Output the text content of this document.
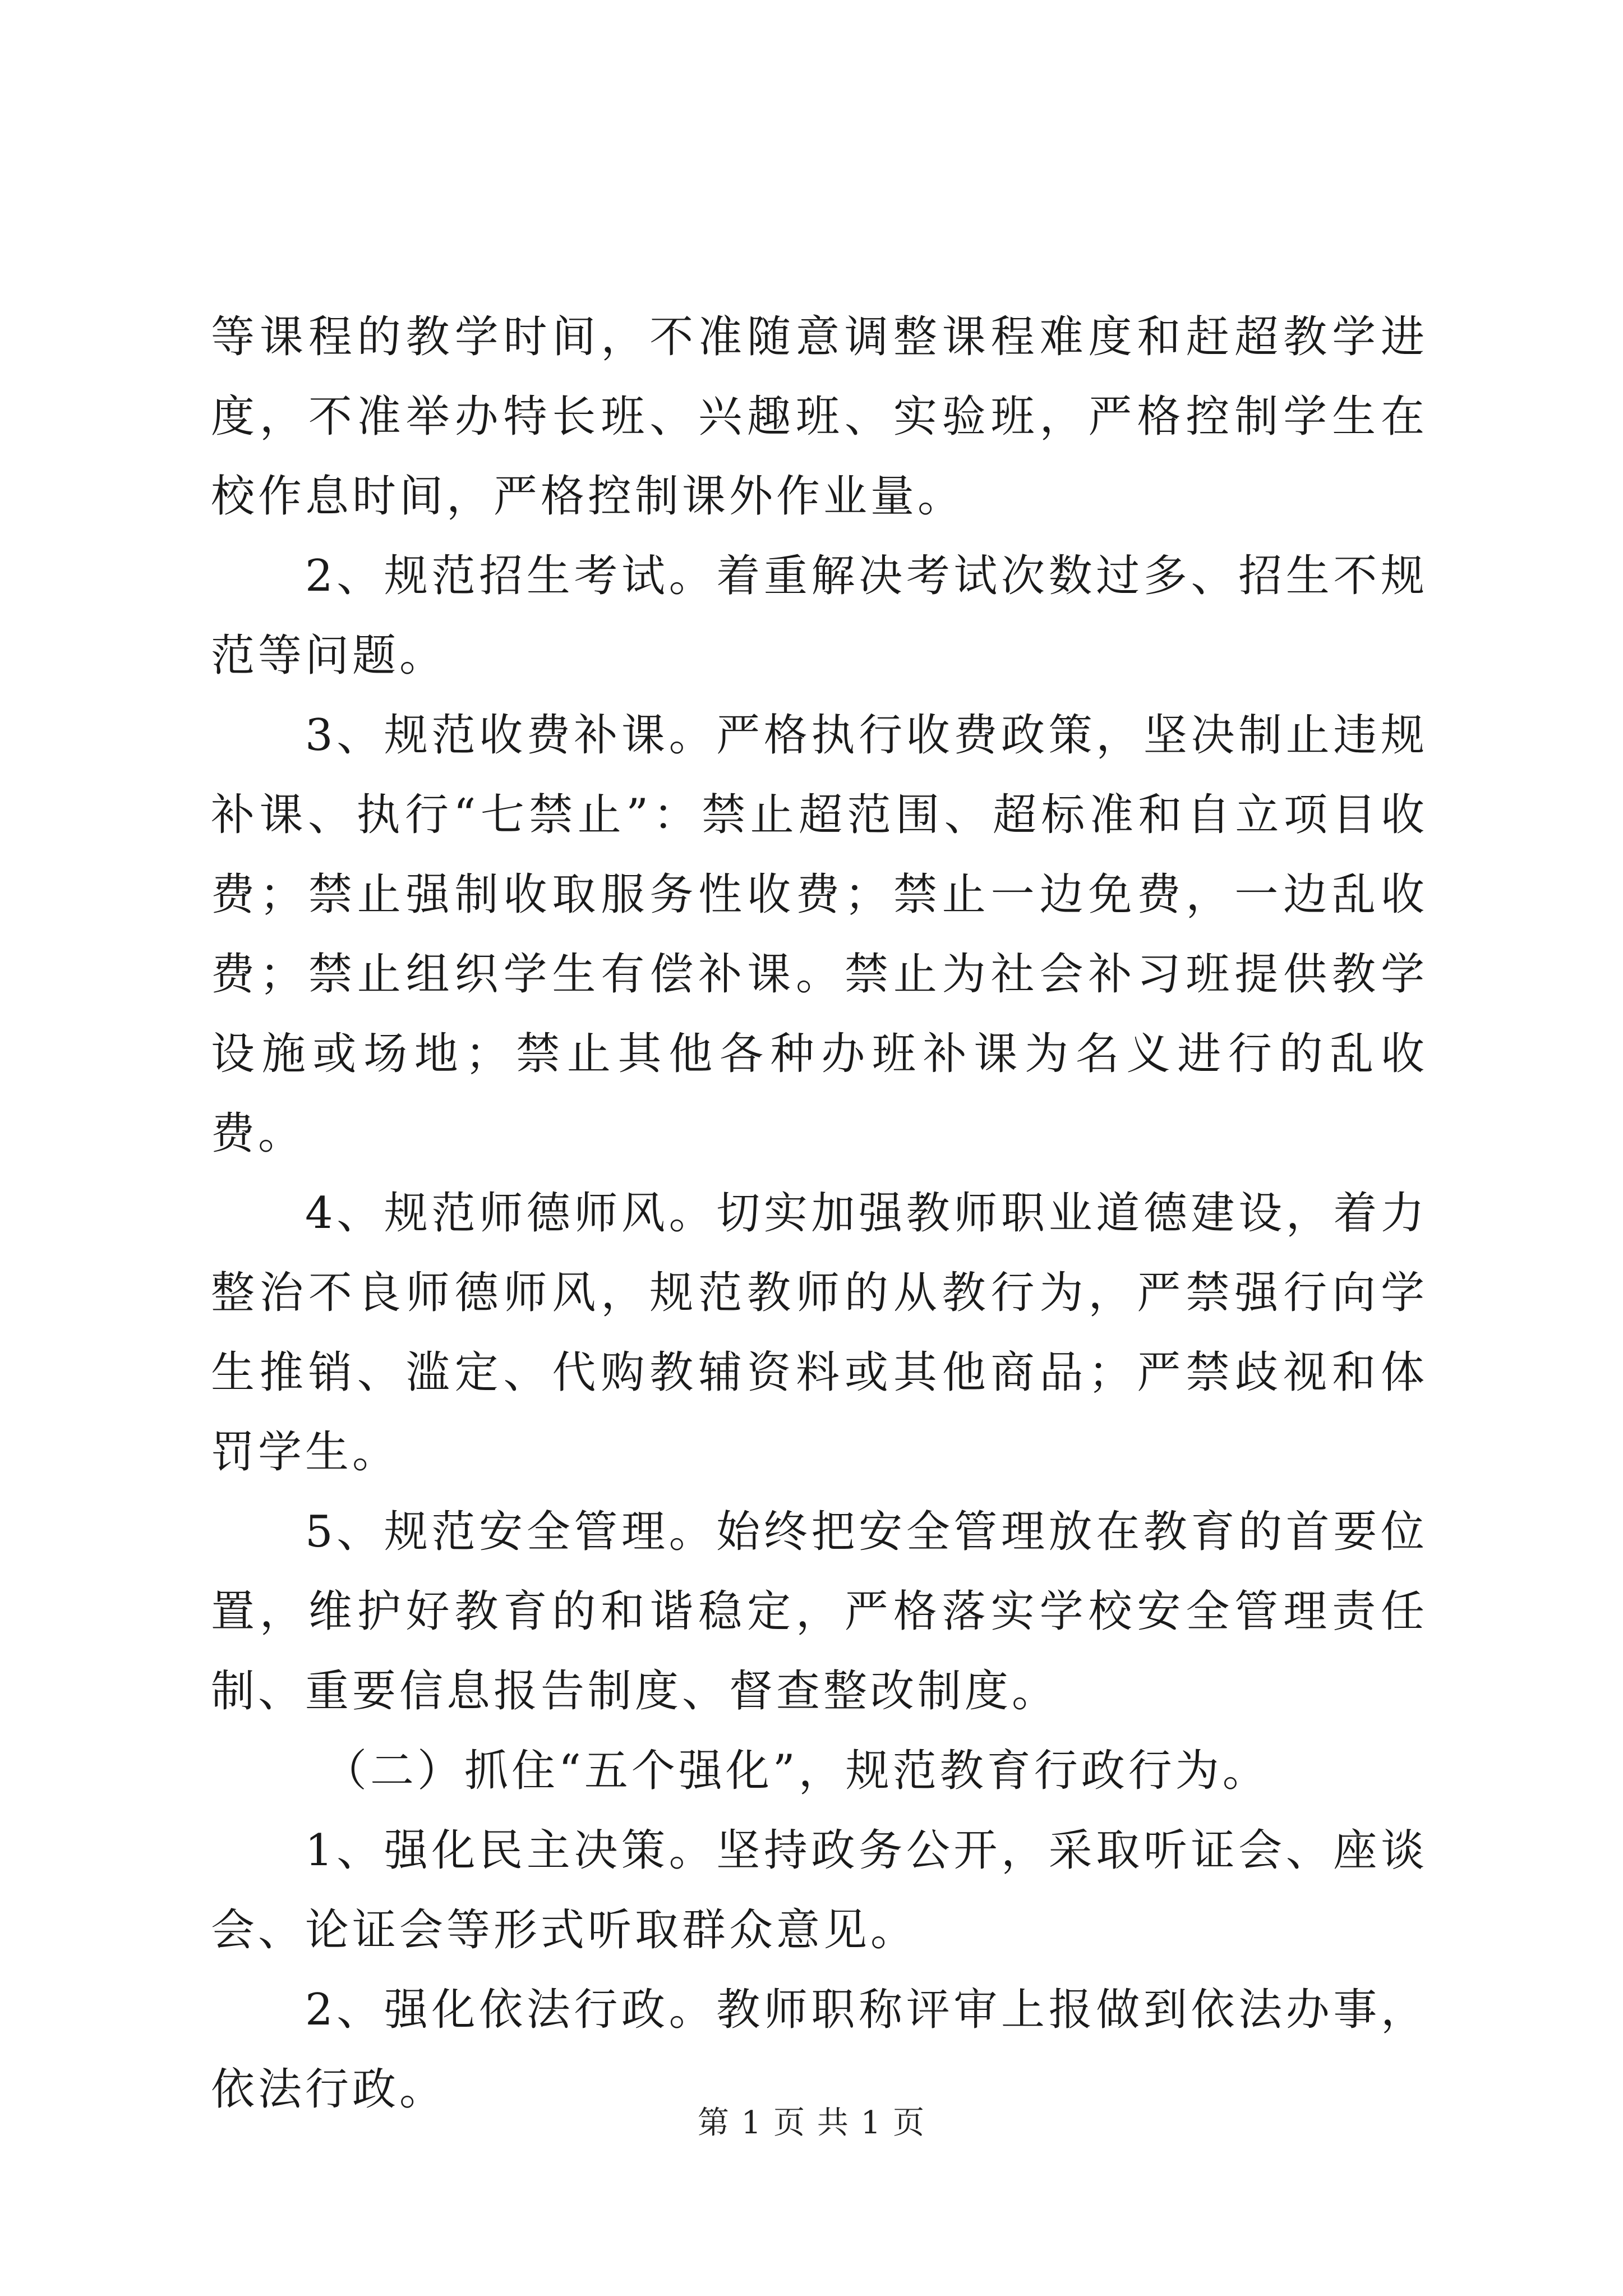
等课程的教学时间，不准随意调整课程难度和赶超教学进度，不准举办特长班、兴趣班、实验班，严格控制学生在校作息时间，严格控制课外作业量。

2、规范招生考试。着重解决考试次数过多、招生不规范等问题。

3、规范收费补课。严格执行收费政策，坚决制止违规补课、执行“七禁止”：禁止超范围、超标准和自立项目收费；禁止强制收取服务性收费；禁止一边免费，一边乱收费；禁止组织学生有偿补课。禁止为社会补习班提供教学设施或场地；禁止其他各种办班补课为名义进行的乱收费。

4、规范师德师风。切实加强教师职业道德建设，着力整治不良师德师风，规范教师的从教行为，严禁强行向学生推销、滥定、代购教辅资料或其他商品；严禁歧视和体罚学生。

5、规范安全管理。始终把安全管理放在教育的首要位置，维护好教育的和谐稳定，严格落实学校安全管理责任制、重要信息报告制度、督查整改制度。

（二）抓住“五个强化”，规范教育行政行为。

1、强化民主决策。坚持政务公开，采取听证会、座谈会、论证会等形式听取群众意见。

2、强化依法行政。教师职称评审上报做到依法办事，依法行政。

第 1 页 共 1 页
